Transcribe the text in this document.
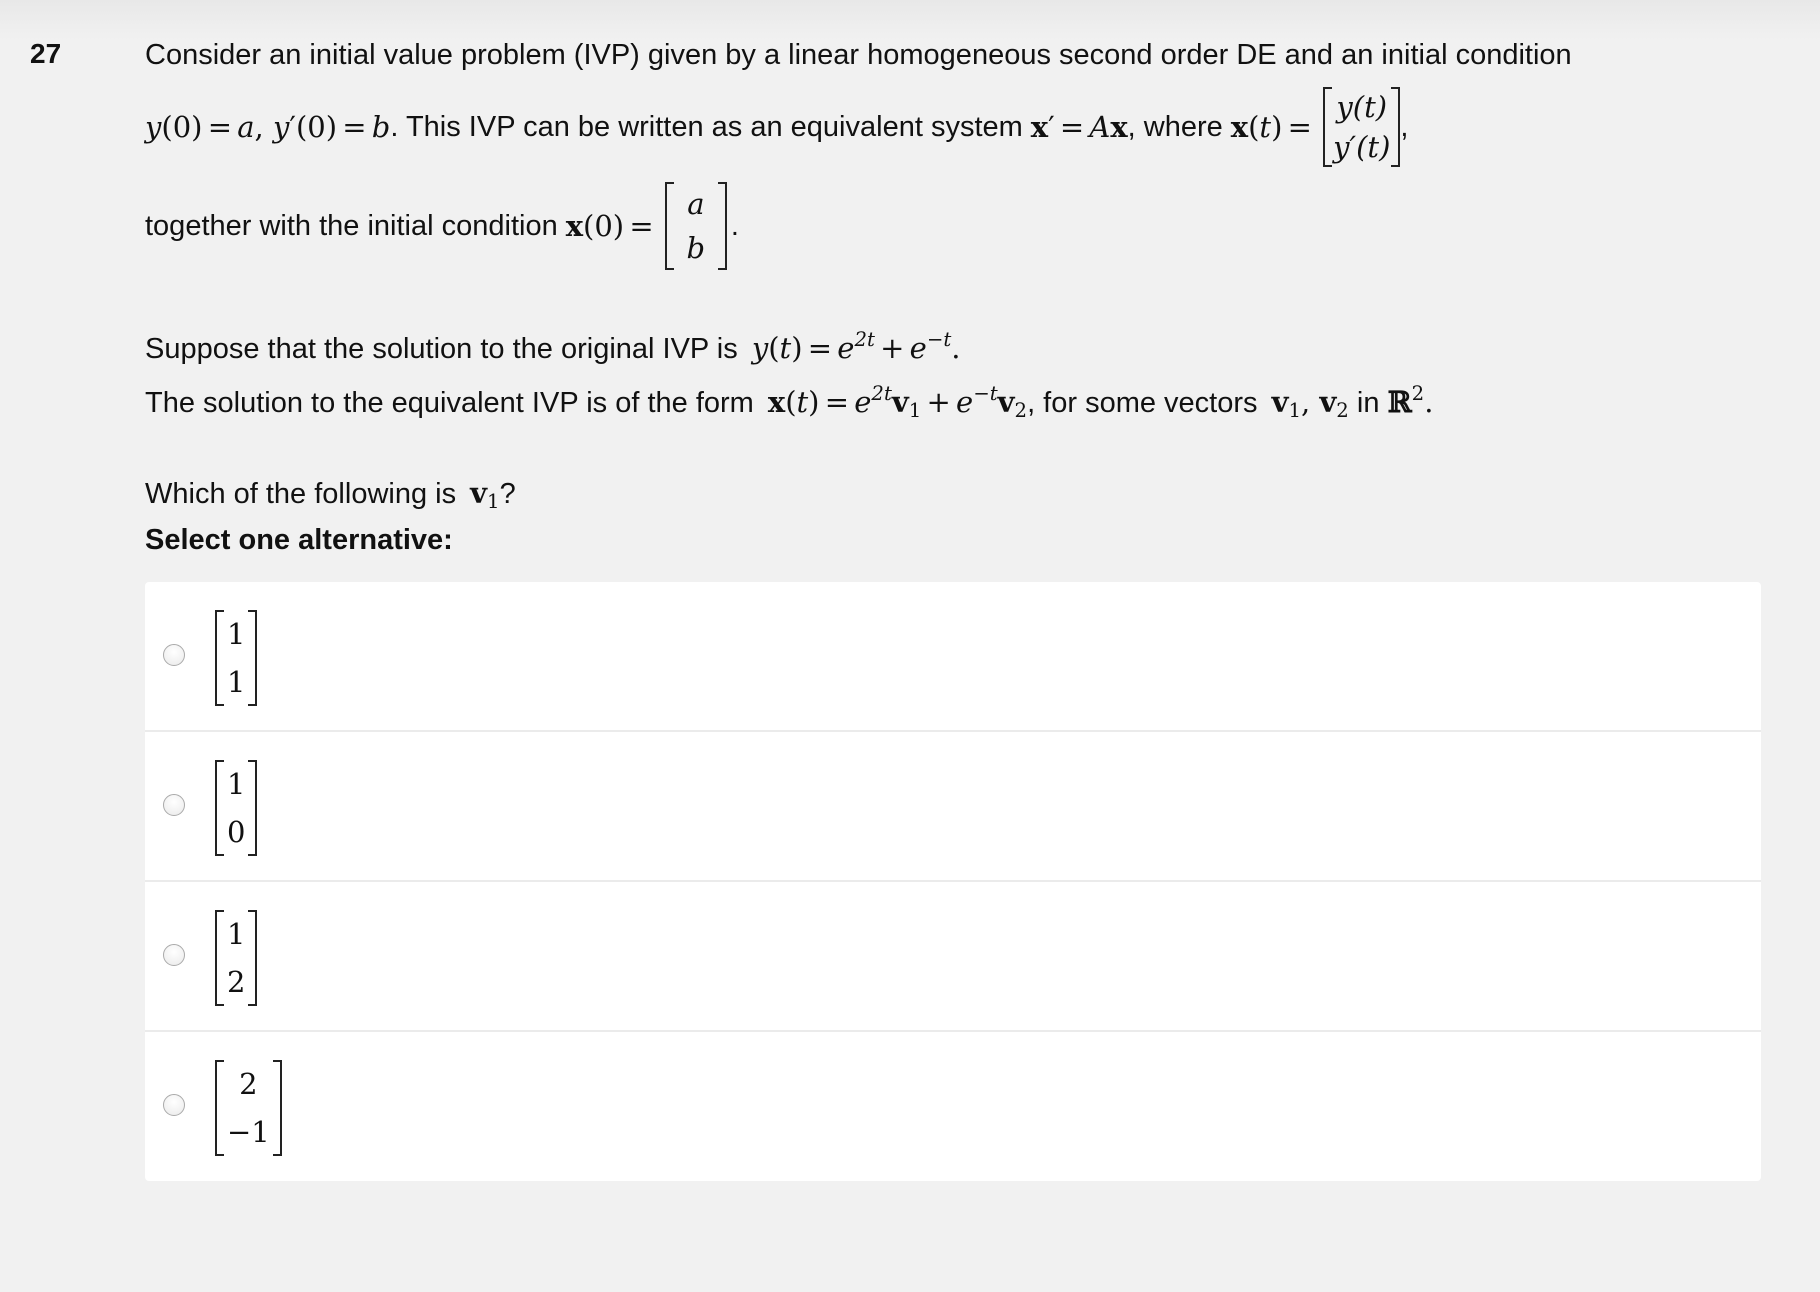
27	Consider an initial value problem (IVP) given by a linear homogeneous second order DE and an initial condition
y(0) = a, y′(0) = b . This IVP can be written as an equivalent system x′ = Ax , where x(t) =
y(t)
y′(t)
,
together with the initial condition x(0) =
a
b
.
Suppose that the solution to the original IVP is $y(t) = e^{2t} + e^{-t}$.
The solution to the equivalent IVP is of the form $x(t) = e^{2t}v_1 + e^{-t}v_2$, for some vectors $v_1$, $v_2$ in ℝ$^2$.
Which of the following is $v_1$?
Select one alternative:
1
1
1
0
1
2
2
−1
